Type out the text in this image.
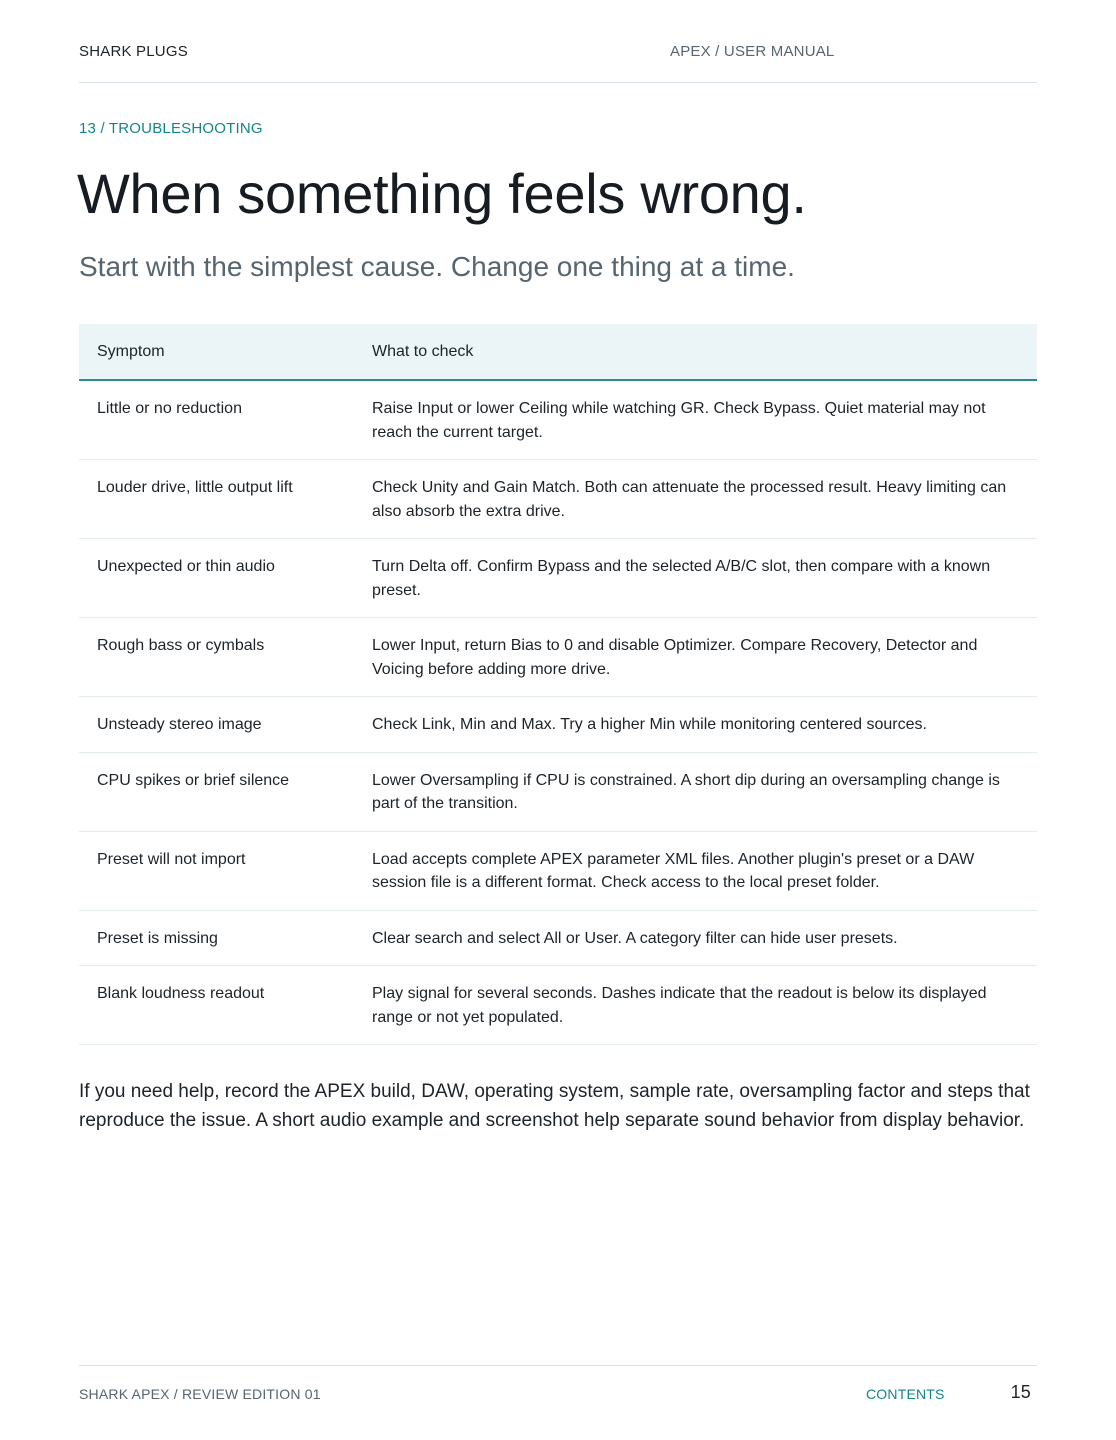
SHARK PLUGS	APEX / USER MANUAL
13 / TROUBLESHOOTING
When something feels wrong.
Start with the simplest cause. Change one thing at a time.
Symptom	What to check
Little or no reduction	Raise Input or lower Ceiling while watching GR. Check Bypass. Quiet material may not reach the current target.
Louder drive, little output lift	Check Unity and Gain Match. Both can attenuate the processed result. Heavy limiting can also absorb the extra drive.
Unexpected or thin audio	Turn Delta off. Confirm Bypass and the selected A/B/C slot, then compare with a known preset.
Rough bass or cymbals	Lower Input, return Bias to 0 and disable Optimizer. Compare Recovery, Detector and Voicing before adding more drive.
Unsteady stereo image	Check Link, Min and Max. Try a higher Min while monitoring centered sources.
CPU spikes or brief silence	Lower Oversampling if CPU is constrained. A short dip during an oversampling change is part of the transition.
Preset will not import	Load accepts complete APEX parameter XML files. Another plugin's preset or a DAW session file is a different format. Check access to the local preset folder.
Preset is missing	Clear search and select All or User. A category filter can hide user presets.
Blank loudness readout	Play signal for several seconds. Dashes indicate that the readout is below its displayed range or not yet populated.

If you need help, record the APEX build, DAW, operating system, sample rate, oversampling factor and steps that reproduce the issue. A short audio example and screenshot help separate sound behavior from display behavior.

SHARK APEX / REVIEW EDITION 01	CONTENTS	15
